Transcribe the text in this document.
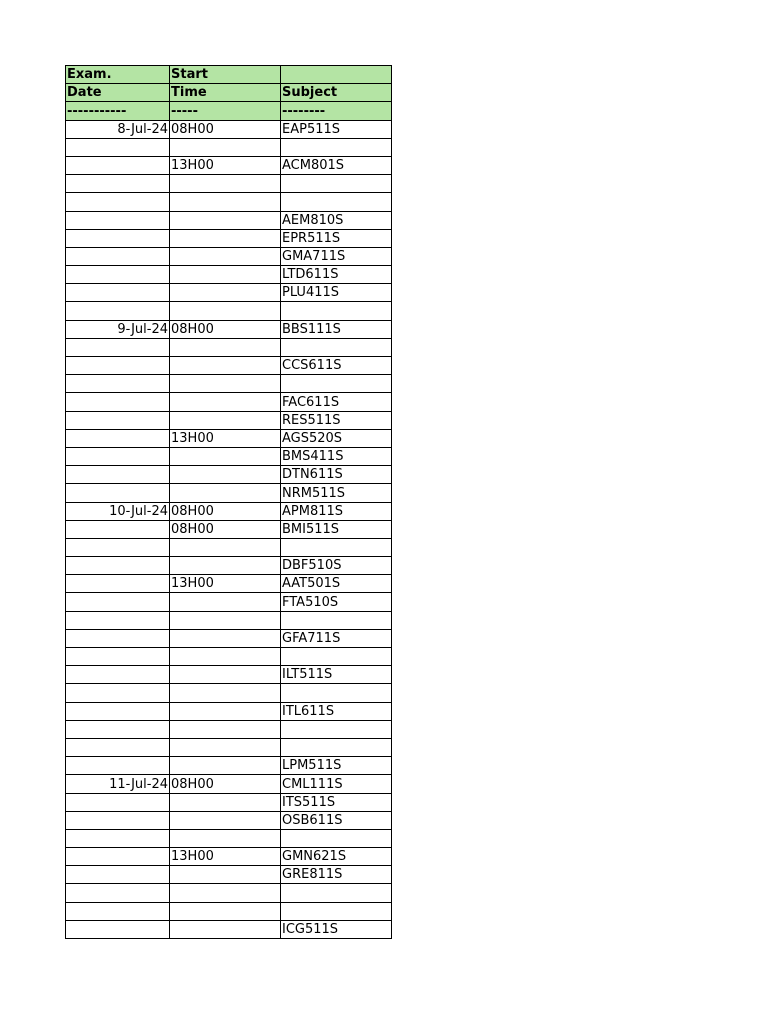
Exam.	Start	
Date	Time	Subject
-----------	-----	--------
8-Jul-24	08H00	EAP511S

	13H00	ACM801S

		AEM810S
		EPR511S
		GMA711S
		LTD611S
		PLU411S

9-Jul-24	08H00	BBS111S

		CCS611S

		FAC611S
		RES511S
	13H00	AGS520S
		BMS411S
		DTN611S
		NRM511S
10-Jul-24	08H00	APM811S
	08H00	BMI511S

		DBF510S
	13H00	AAT501S
		FTA510S

		GFA711S

		ILT511S

		ITL611S

		LPM511S
11-Jul-24	08H00	CML111S
		ITS511S
		OSB611S

	13H00	GMN621S
		GRE811S

		ICG511S
